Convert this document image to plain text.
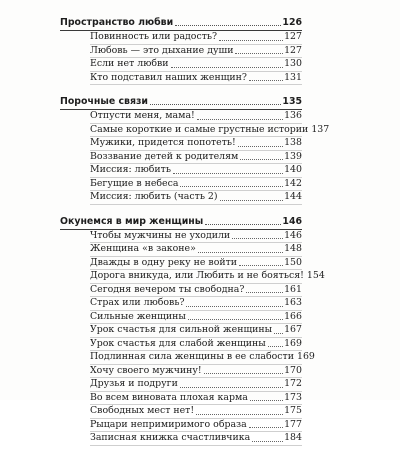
Пространство любви	126
Повинность или радость?	127
Любовь — это дыхание души	127
Если нет любви	130
Кто подставил наших женщин?	131
Порочные связи	135
Отпусти меня, мама!	136
Самые короткие и самые грустные истории 137
Мужики, придется попотеть!	138
Воззвание детей к родителям	139
Миссия: любить	140
Бегущие в небеса	142
Миссия: любить (часть 2)	144
Окунемся в мир женщины	146
Чтобы мужчины не уходили	146
Женщина «в законе»	148
Дважды в одну реку не войти	150
Дорога вникуда, или Любить и не бояться! 154
Сегодня вечером ты свободна?	161
Страх или любовь?	163
Сильные женщины	166
Урок счастья для сильной женщины 167
Урок счастья для слабой женщины 169
Подлинная сила женщины в ее слабости 169
Хочу своего мужчину!	170
Друзья и подруги	172
Во всем виновата плохая карма	173
Свободных мест нет!	175
Рыцари непримиримого образа	177
Записная книжка счастливчика	184
